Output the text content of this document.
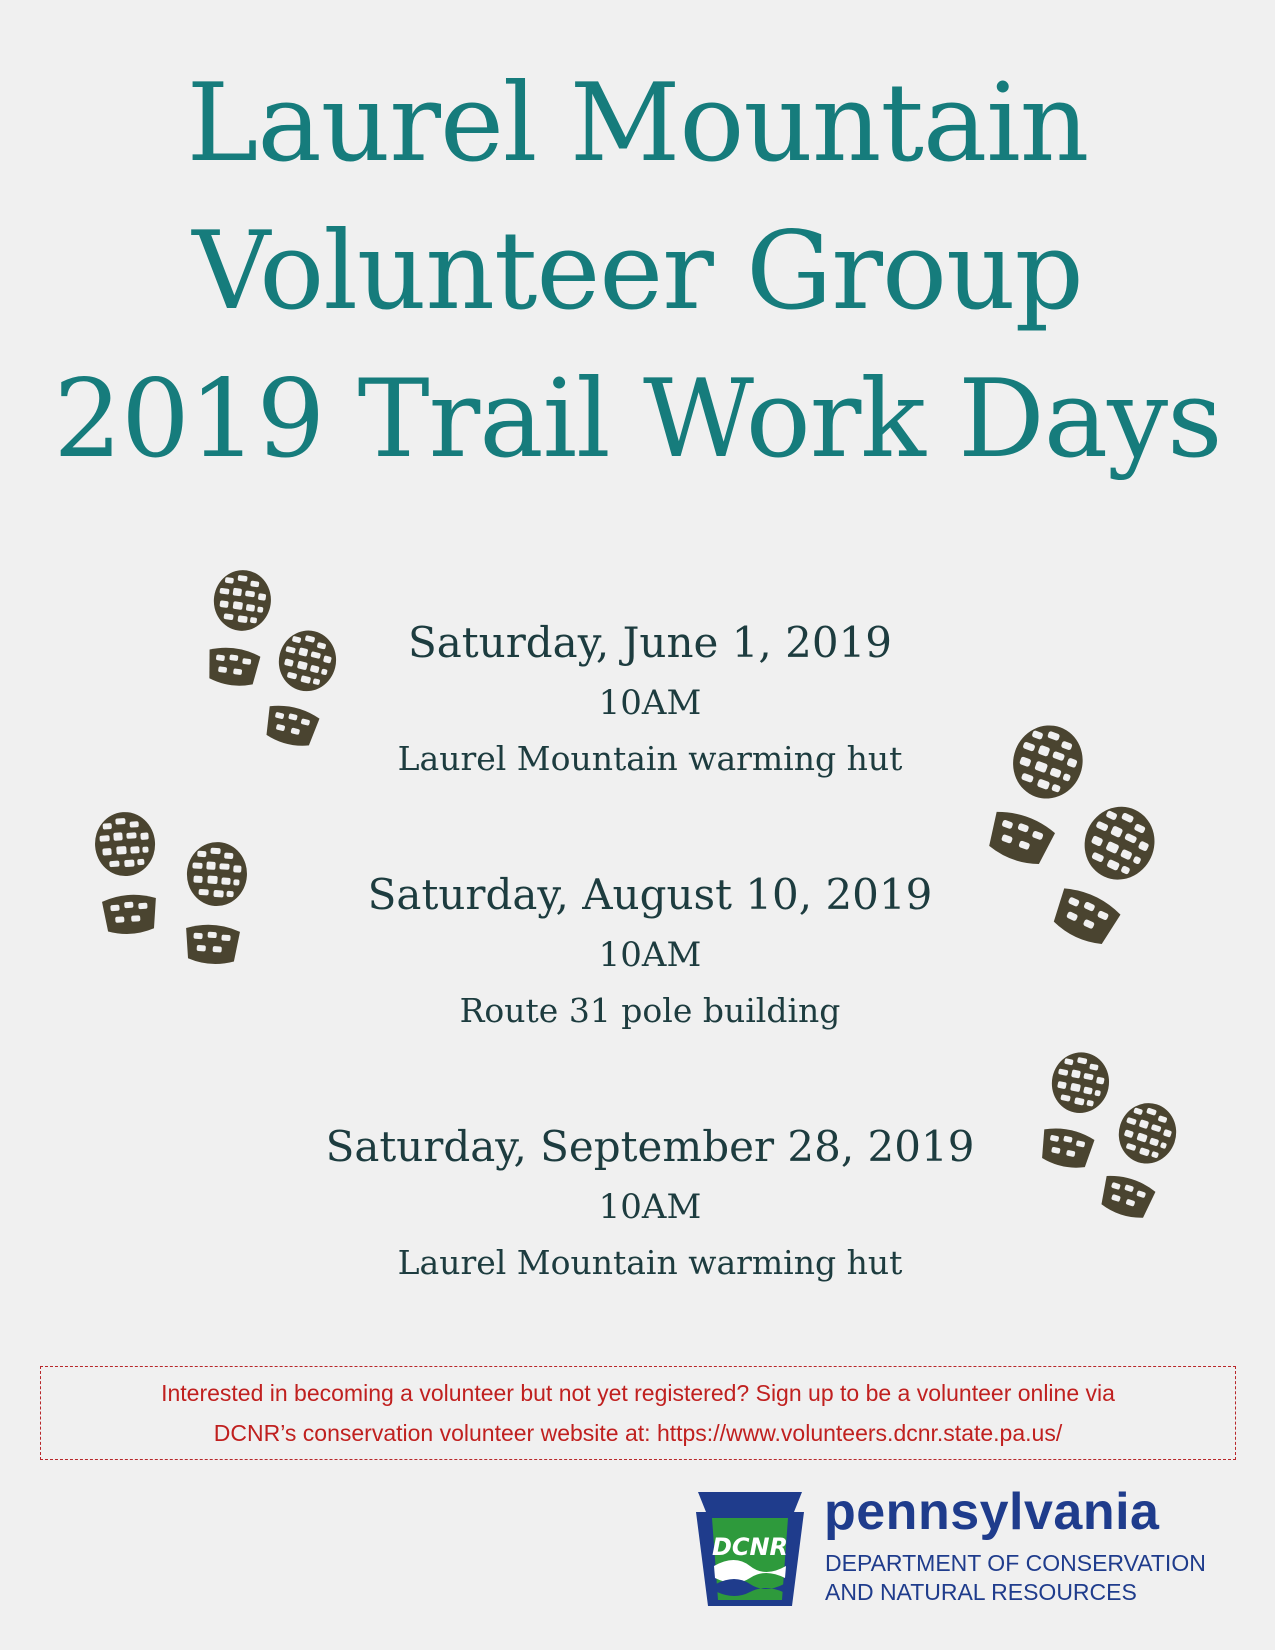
Laurel Mountain
Volunteer Group
2019 Trail Work Days
Saturday, June 1, 2019
10AM
Laurel Mountain warming hut
Saturday, August 10, 2019
10AM
Route 31 pole building
Saturday, September 28, 2019
10AM
Laurel Mountain warming hut
Interested in becoming a volunteer but not yet registered? Sign up to be a volunteer online via
DCNR’s conservation volunteer website at: https://www.volunteers.dcnr.state.pa.us/
DCNR
pennsylvania
DEPARTMENT OF CONSERVATION
AND NATURAL RESOURCES
